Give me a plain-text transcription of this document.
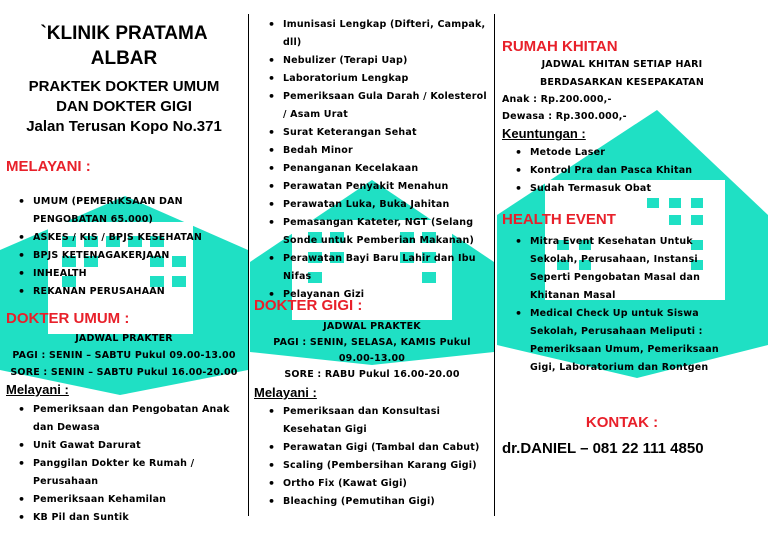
`KLINIK PRATAMA
ALBAR
PRAKTEK DOKTER UMUM
DAN DOKTER GIGI
Jalan Terusan Kopo No.371
MELAYANI :
• UMUM (PEMERIKSAAN DAN PENGOBATAN 65.000)
• ASKES / KIS / BPJS KESEHATAN
• BPJS KETENAGAKERJAAN
• INHEALTH
• REKANAN PERUSAHAAN
DOKTER UMUM :
JADWAL PRAKTER
PAGI : SENIN – SABTU Pukul 09.00-13.00
SORE : SENIN – SABTU Pukul 16.00-20.00
Melayani :
• Pemeriksaan dan Pengobatan Anak dan Dewasa
• Unit Gawat Darurat
• Panggilan Dokter ke Rumah / Perusahaan
• Pemeriksaan Kehamilan
• KB Pil dan Suntik
• Imunisasi Lengkap (Difteri, Campak, dll)
• Nebulizer (Terapi Uap)
• Laboratorium Lengkap
• Pemeriksaan Gula Darah / Kolesterol / Asam Urat
• Surat Keterangan Sehat
• Bedah Minor
• Penanganan Kecelakaan
• Perawatan Penyakit Menahun
• Perawatan Luka, Buka Jahitan
• Pemasangan Kateter, NGT (Selang Sonde untuk Pemberian Makanan)
• Perawatan Bayi Baru Lahir dan Ibu Nifas
• Pelayanan Gizi
DOKTER GIGI :
JADWAL PRAKTEK
PAGI : SENIN, SELASA, KAMIS Pukul
09.00-13.00
SORE : RABU Pukul 16.00-20.00
Melayani :
• Pemeriksaan dan Konsultasi Kesehatan Gigi
• Perawatan Gigi (Tambal dan Cabut)
• Scaling (Pembersihan Karang Gigi)
• Ortho Fix (Kawat Gigi)
• Bleaching (Pemutihan Gigi)
RUMAH KHITAN
JADWAL KHITAN SETIAP HARI
BERDASARKAN KESEPAKATAN
Anak : Rp.200.000,-
Dewasa : Rp.300.000,-
Keuntungan :
• Metode Laser
• Kontrol Pra dan Pasca Khitan
• Sudah Termasuk Obat
HEALTH EVENT
• Mitra Event Kesehatan Untuk Sekolah, Perusahaan, Instansi Seperti Pengobatan Masal dan Khitanan Masal
• Medical Check Up untuk Siswa Sekolah, Perusahaan Meliputi : Pemeriksaan Umum, Pemeriksaan Gigi, Laboratorium dan Rontgen
KONTAK :
dr.DANIEL – 081 22 111 4850
